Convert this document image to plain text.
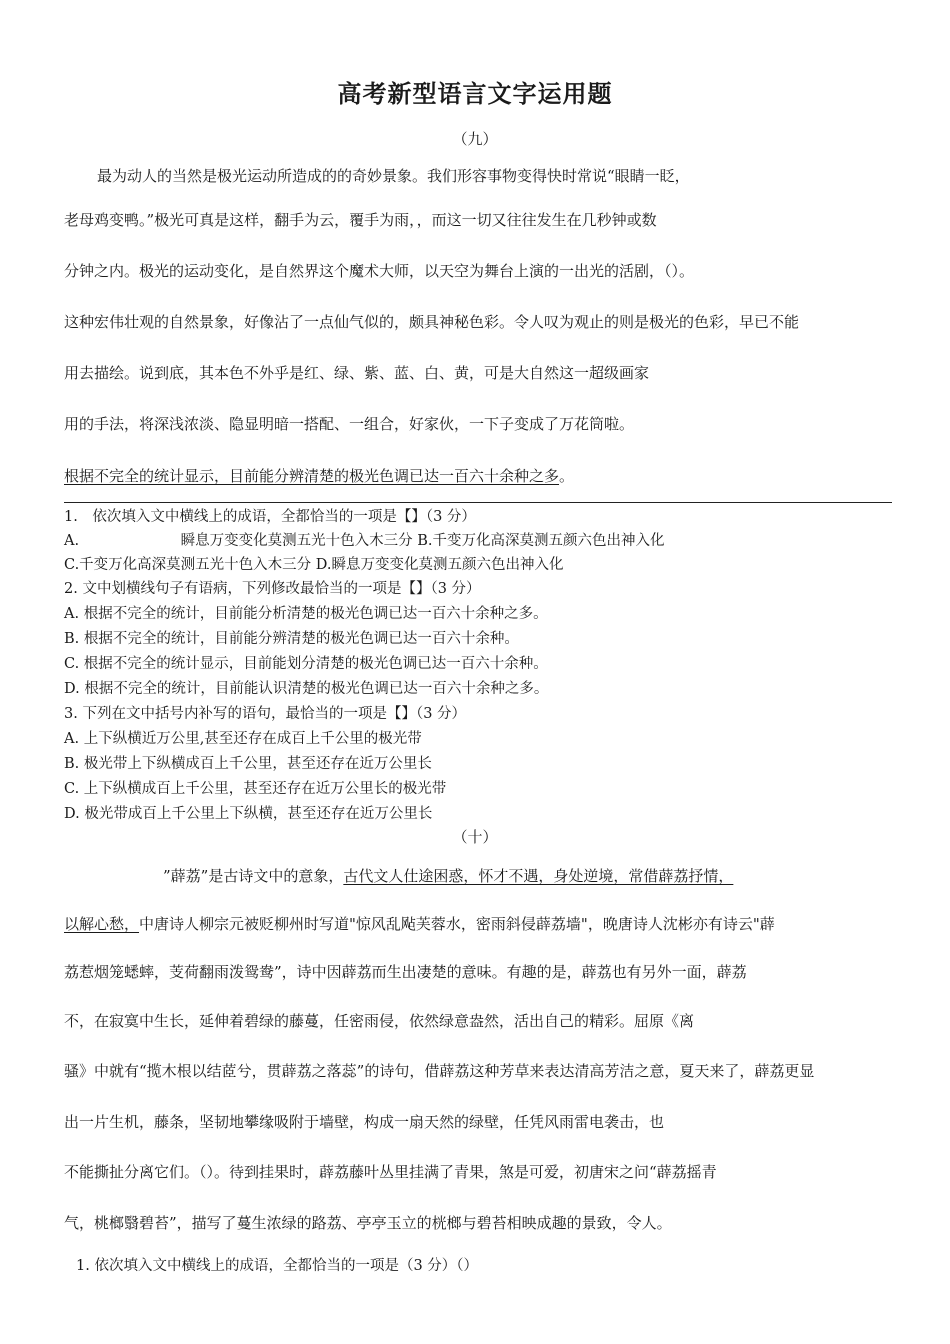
高考新型语言文字运用题
（九）
最为动人的当然是极光运动所造成的的奇妙景象。我们形容事物变得快时常说“眼睛一眨，
老母鸡变鸭。”极光可真是这样，翻手为云，覆手为雨，，而这一切又往往发生在几秒钟或数
分钟之内。极光的运动变化，是自然界这个魔术大师，以天空为舞台上演的一出光的活剧，（）。
这种宏伟壮观的自然景象，好像沾了一点仙气似的，颇具神秘色彩。令人叹为观止的则是极光的色彩，早已不能
用去描绘。说到底，其本色不外乎是红、绿、紫、蓝、白、黄，可是大自然这一超级画家
用的手法，将深浅浓淡、隐显明暗一搭配、一组合，好家伙，一下子变成了万花筒啦。
根据不完全的统计显示，目前能分辨清楚的极光色调已达一百六十余种之多。
1.　依次填入文中横线上的成语，全都恰当的一项是【】（3 分）
A.　　　　　　　瞬息万变变化莫测五光十色入木三分 B.千变万化高深莫测五颜六色出神入化
C.千变万化高深莫测五光十色入木三分 D.瞬息万变变化莫测五颜六色出神入化
2. 文中划横线句子有语病，下列修改最恰当的一项是【】（3 分）
A. 根据不完全的统计，目前能分析清楚的极光色调已达一百六十余种之多。
B. 根据不完全的统计，目前能分辨清楚的极光色调已达一百六十余种。
C. 根据不完全的统计显示，目前能划分清楚的极光色调已达一百六十余种。
D. 根据不完全的统计，目前能认识清楚的极光色调已达一百六十余种之多。
3. 下列在文中括号内补写的语句，最恰当的一项是【】（3 分）
A. 上下纵横近万公里,甚至还存在成百上千公里的极光带
B. 极光带上下纵横成百上千公里，甚至还存在近万公里长
C. 上下纵横成百上千公里，甚至还存在近万公里长的极光带
D. 极光带成百上千公里上下纵横，甚至还存在近万公里长
（十）
”薜荔”是古诗文中的意象，古代文人仕途困惑，怀才不遇，身处逆境，常借薜荔抒情，
以解心愁，中唐诗人柳宗元被贬柳州时写道"惊风乱飐芙蓉水，密雨斜侵薜荔墙"，晚唐诗人沈彬亦有诗云"薜
荔惹烟笼蟋蟀，芰荷翻雨泼鸳鸯”，诗中因薜荔而生出凄楚的意味。有趣的是，薜荔也有另外一面，薜荔
不，在寂寞中生长，延伸着碧绿的藤蔓，任密雨侵，依然绿意盎然，活出自己的精彩。屈原《离
骚》中就有“揽木根以结茝兮，贯薜荔之落蕊”的诗句，借薜荔这种芳草来表达清高芳洁之意，夏天来了，薜荔更显
出一片生机，藤条，坚韧地攀缘吸附于墙壁，构成一扇天然的绿壁，任凭风雨雷电袭击，也
不能撕扯分离它们。（）。待到挂果时，薜荔藤叶丛里挂满了青果，煞是可爱，初唐宋之问“薜荔摇青
气，桃榔翳碧苔”，描写了蔓生浓绿的路荔、亭亭玉立的桄榔与碧苔相映成趣的景致，令人。
1. 依次填入文中横线上的成语，全都恰当的一项是（3 分）（）
